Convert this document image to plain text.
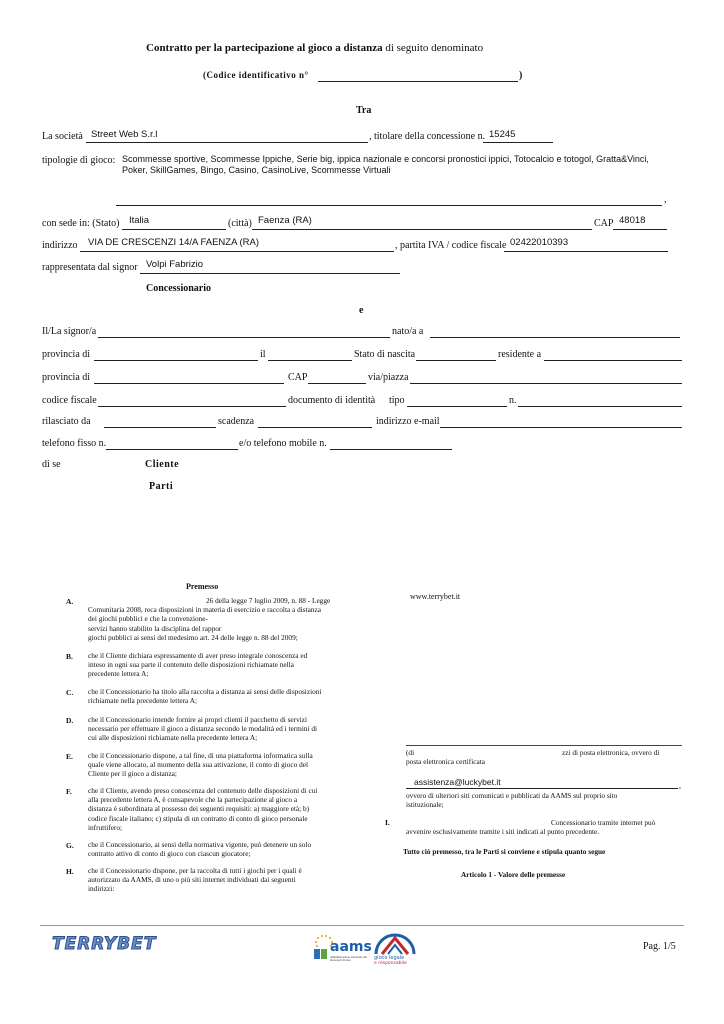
Contratto per la partecipazione al gioco a distanza di seguito denominato
(Codice identificativo n°	)
Tra
La società Street Web S.r.l	, titolare della concessione n. 15245
tipologie di gioco: Scommesse sportive, Scommesse Ippiche, Serie big, ippica nazionale e concorsi pronostici ippici, Totocalcio e totogol, Gratta&Vinci,
Poker, SkillGames, Bingo, Casino, CasinoLive, Scommesse Virtuali
,
con sede in: (Stato) Italia	(città) Faenza (RA)	CAP 48018
indirizzo VIA DE CRESCENZI 14/A FAENZA (RA)	, partita IVA / codice fiscale 02422010393
rappresentata dal signor Volpi Fabrizio
Concessionario
e
Il/La signor/a	nato/a a
provincia di	il	Stato di nascita	residente a
provincia di	CAP	via/piazza
codice fiscale	documento di identità tipo	n.
rilasciato da	scadenza	indirizzo e-mail
telefono fisso n.	e/o telefono mobile n.
di se	Cliente
Parti
Premesso
A.	26 della legge 7 luglio 2009, n. 88 - Legge
Comunitaria 2008, reca disposizioni in materia di esercizio e raccolta a distanza
dei giochi pubblici e che la convenzione-
servizi hanno stabilito la disciplina del rappor
giochi pubblici ai sensi del medesimo art. 24 delle legge n. 88 del 2009;
B. che il Cliente dichiara espressamente di aver preso integrale conoscenza ed
inteso in ogni sua parte il contenuto delle disposizioni richiamate nella
precedente lettera A;
C. che il Concessionario ha titolo alla raccolta a distanza ai sensi delle disposizioni
richiamate nella precedente lettera A;
D. che il Concessionario intende fornire ai propri clienti il pacchetto di servizi
necessario per effettuare il gioco a distanza secondo le modalità ed i termini di
cui alle disposizioni richiamate nella precedente lettera A;
E. che il Concessionario dispone, a tal fine, di una piattaforma informatica sulla
quale viene allocato, al momento della sua attivazione, il conto di gioco del
Cliente per il gioco a distanza;
F. che il Cliente, avendo preso conoscenza del contenuto delle disposizioni di cui
alla precedente lettera A, è consapevole che la partecipazione al gioco a
distanza è subordinata al possesso dei seguenti requisiti: a) maggiore età; b)
codice fiscale italiano; c) stipula di un contratto di conto di gioco personale
infruttifero;
G. che il Concessionario, ai sensi della normativa vigente, può detenere un solo
contratto attivo di conto di gioco con ciascun giocatore;
H. che il Concessionario dispone, per la raccolta di tutti i giochi per i quali è
autorizzato da AAMS, di uno o più siti internet individuati dai seguenti
indirizzi:
www.terrybet.it
(di	zzi di posta elettronica, ovvero di
posta elettronica certificata
assistenza@luckybet.it	,
ovvero di ulteriori siti comunicati e pubblicati da AAMS sul proprio sito
istituzionale;
I.	Concessionario tramite internet può
avvenire esclusivamente tramite i siti indicati al punto precedente.
Tutto ciò premesso, tra le Parti si conviene e stipula quanto segue
Articolo 1 - Valore delle premesse
TERRYBET	aams
amministrazione autonoma dei monopoli di stato	gioco legale
e responsabile
Pag. 1/5
